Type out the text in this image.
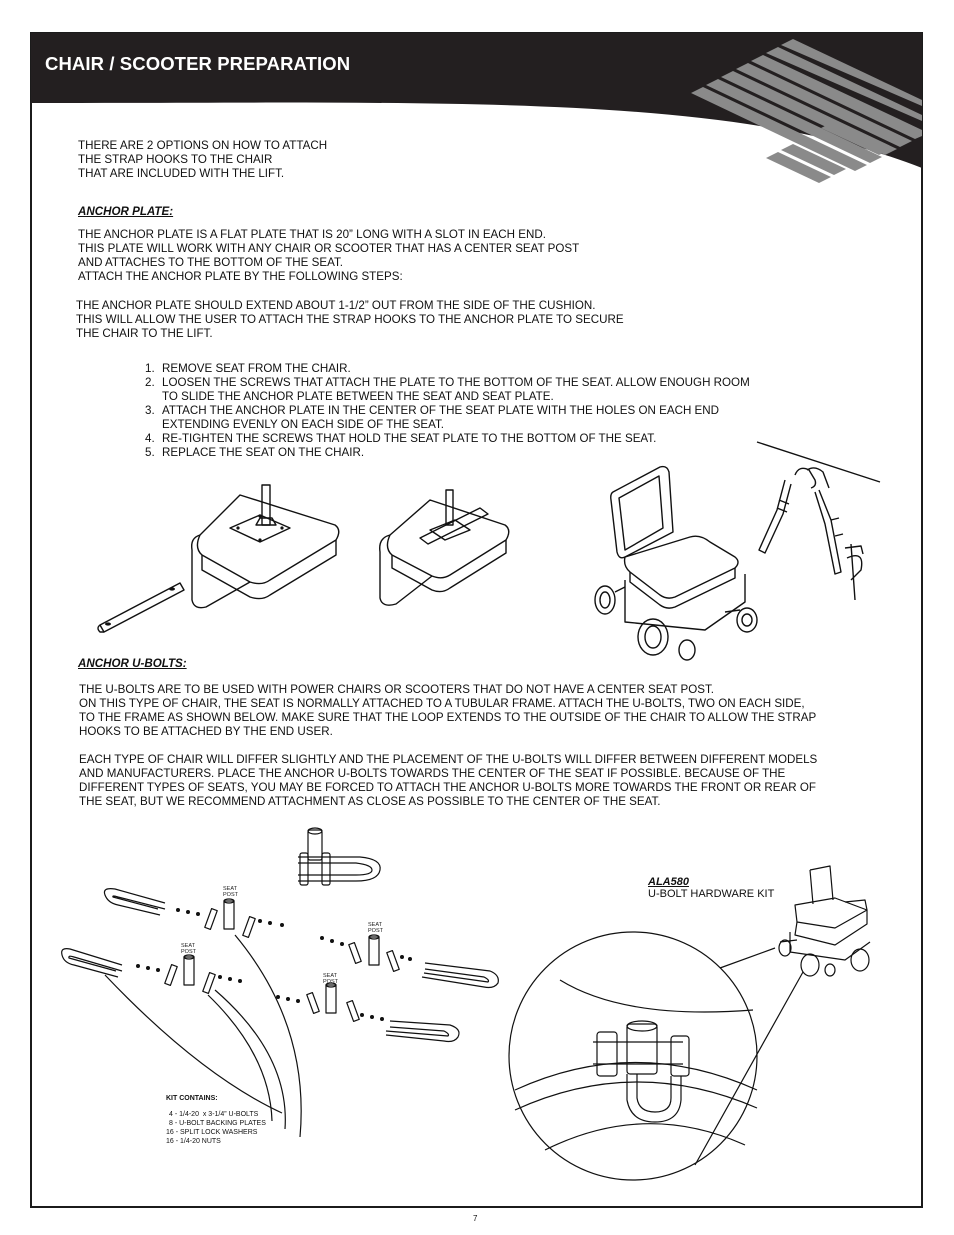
CHAIR / SCOOTER PREPARATION

THERE ARE 2 OPTIONS ON HOW TO ATTACH

THE STRAP HOOKS TO THE CHAIR

THAT ARE INCLUDED WITH THE LIFT.

ANCHOR PLATE:

THE ANCHOR PLATE IS A FLAT PLATE THAT IS 20” LONG WITH A SLOT IN EACH END.

THIS PLATE WILL WORK WITH ANY CHAIR OR SCOOTER THAT HAS A CENTER SEAT POST

AND ATTACHES TO THE BOTTOM OF THE SEAT.

ATTACH THE ANCHOR PLATE BY THE FOLLOWING STEPS:

THE ANCHOR PLATE SHOULD EXTEND ABOUT 1-1/2” OUT FROM THE SIDE OF THE CUSHION.

THIS WILL ALLOW THE USER TO ATTACH THE STRAP HOOKS TO THE ANCHOR PLATE TO SECURE

THE CHAIR TO THE LIFT.

1. REMOVE SEAT FROM THE CHAIR.
2. LOOSEN THE SCREWS THAT ATTACH THE PLATE TO THE BOTTOM OF THE SEAT. ALLOW ENOUGH ROOM
TO SLIDE THE ANCHOR PLATE BETWEEN THE SEAT AND SEAT PLATE.
3. ATTACH THE ANCHOR PLATE IN THE CENTER OF THE SEAT PLATE WITH THE HOLES ON EACH END
EXTENDING EVENLY ON EACH SIDE OF THE SEAT.
4. RE-TIGHTEN THE SCREWS THAT HOLD THE SEAT PLATE TO THE BOTTOM OF THE SEAT.
5. REPLACE THE SEAT ON THE CHAIR.

ANCHOR U-BOLTS:

THE U-BOLTS ARE TO BE USED WITH POWER CHAIRS OR SCOOTERS THAT DO NOT HAVE A CENTER SEAT POST.

ON THIS TYPE OF CHAIR, THE SEAT IS NORMALLY ATTACHED TO A TUBULAR FRAME. ATTACH THE U-BOLTS, TWO ON EACH SIDE,

TO THE FRAME AS SHOWN BELOW. MAKE SURE THAT THE LOOP EXTENDS TO THE OUTSIDE OF THE CHAIR TO ALLOW THE STRAP

HOOKS TO BE ATTACHED BY THE END USER.

EACH TYPE OF CHAIR WILL DIFFER SLIGHTLY AND THE PLACEMENT OF THE U-BOLTS WILL DIFFER BETWEEN DIFFERENT MODELS

AND MANUFACTURERS. PLACE THE ANCHOR U-BOLTS TOWARDS THE CENTER OF THE SEAT IF POSSIBLE. BECAUSE OF THE

DIFFERENT TYPES OF SEATS, YOU MAY BE FORCED TO ATTACH THE ANCHOR U-BOLTS MORE TOWARDS THE FRONT OR REAR OF

THE SEAT, BUT WE RECOMMEND ATTACHMENT AS CLOSE AS POSSIBLE TO THE CENTER OF THE SEAT.

SEAT
POST
SEAT
POST
SEAT
POST
SEAT
POST
KIT CONTAINS:
4 - 1/4-20  x 3-1/4” U-BOLTS
8 - U-BOLT BACKING PLATES
16 - SPLIT LOCK WASHERS
16 - 1/4-20 NUTS
ALA580
U-BOLT HARDWARE KIT
7
